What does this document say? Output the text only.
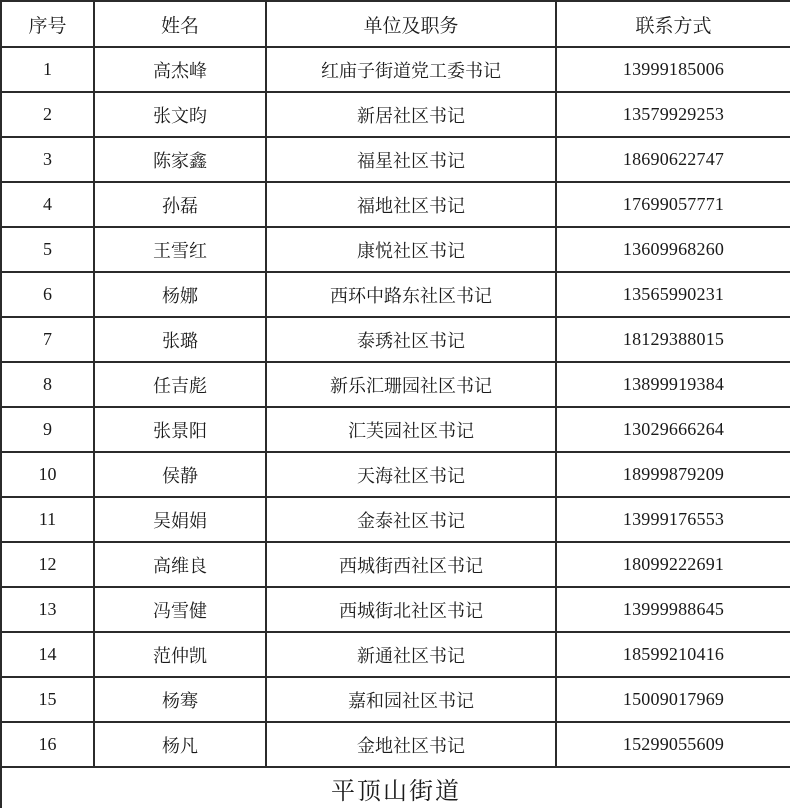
序号	姓名	单位及职务	联系方式
1	高杰峰	红庙子街道党工委书记	13999185006
2	张文昀	新居社区书记	13579929253
3	陈家鑫	福星社区书记	18690622747
4	孙磊	福地社区书记	17699057771
5	王雪红	康悦社区书记	13609968260
6	杨娜	西环中路东社区书记	13565990231
7	张璐	泰琇社区书记	18129388015
8	任吉彪	新乐汇珊园社区书记	13899919384
9	张景阳	汇芙园社区书记	13029666264
10	侯静	天海社区书记	18999879209
11	吴娟娟	金泰社区书记	13999176553
12	高维良	西城街西社区书记	18099222691
13	冯雪健	西城街北社区书记	13999988645
14	范仲凯	新通社区书记	18599210416
15	杨骞	嘉和园社区书记	15009017969
16	杨凡	金地社区书记	15299055609
平顶山街道			
